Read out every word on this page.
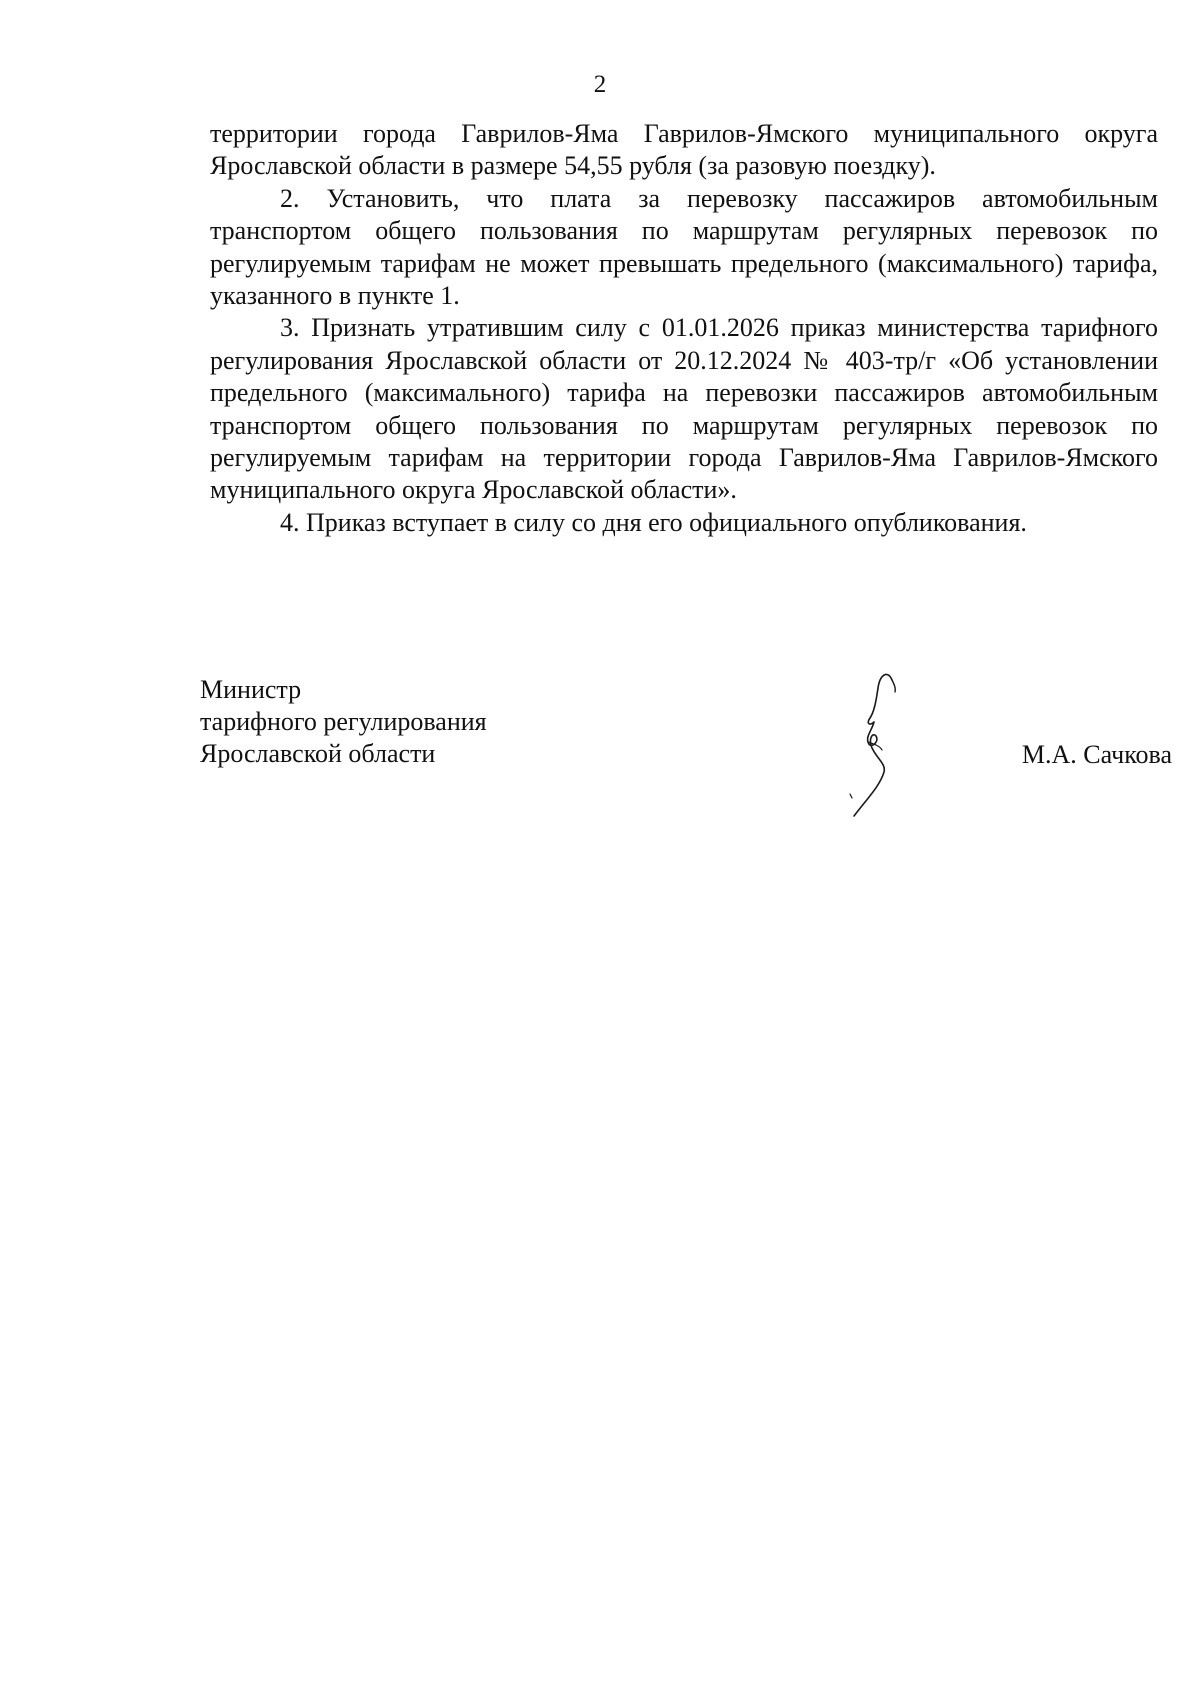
2

территории города Гаврилов-Яма Гаврилов-Ямского муниципального округа Ярославской области в размере 54,55 рубля (за разовую поездку).

2. Установить, что плата за перевозку пассажиров автомобильным транспортом общего пользования по маршрутам регулярных перевозок по регулируемым тарифам не может превышать предельного (максимального) тарифа, указанного в пункте 1.

3. Признать утратившим силу с 01.01.2026 приказ министерства тарифного регулирования Ярославской области от 20.12.2024 № 403-тр/г «Об установлении предельного (максимального) тарифа на перевозки пассажиров автомобильным транспортом общего пользования по маршрутам регулярных перевозок по регулируемым тарифам на территории города Гаврилов-Яма Гаврилов-Ямского муниципального округа Ярославской области».

4. Приказ вступает в силу со дня его официального опубликования.

Министр
тарифного регулирования
Ярославской области	М.А. Сачкова
